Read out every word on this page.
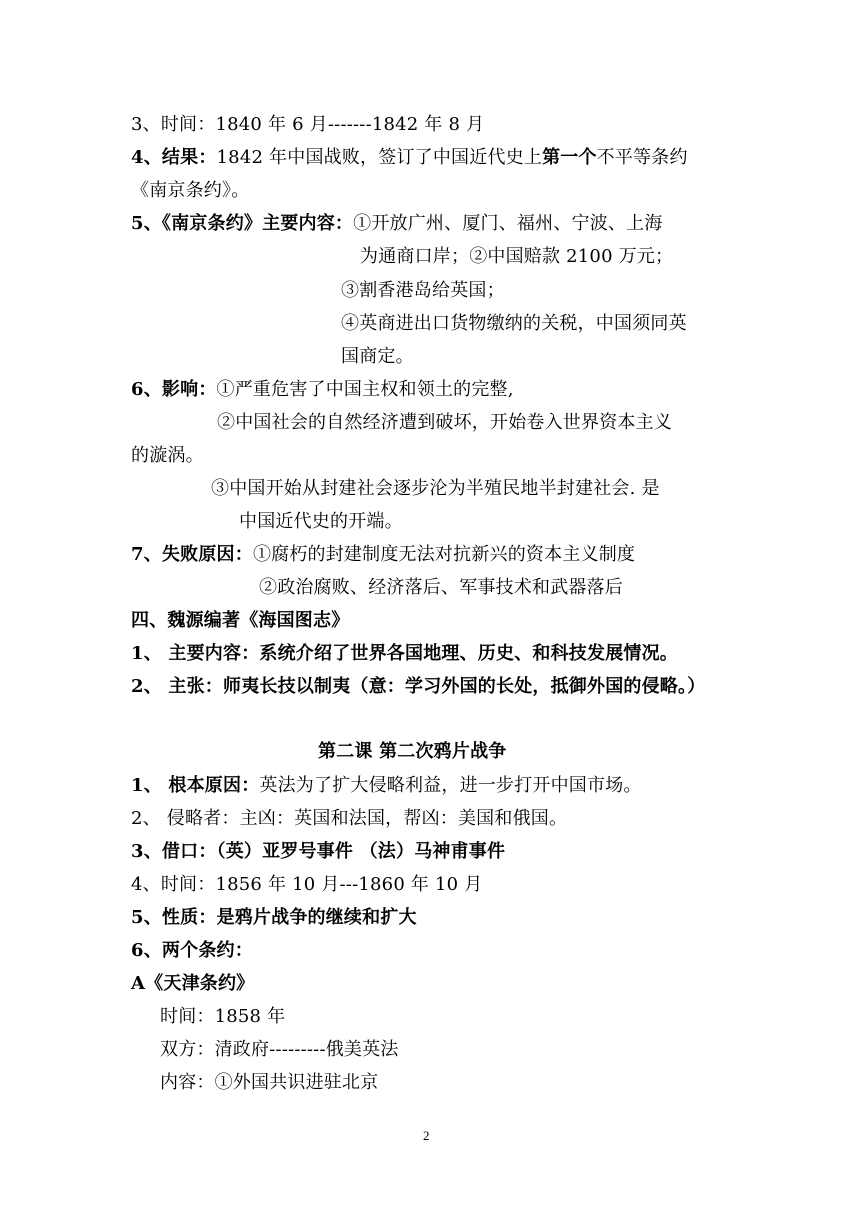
3、时间：1840 年 6 月-------1842 年 8 月
4、结果：1842 年中国战败，签订了中国近代史上第一个不平等条约
《南京条约》。
5、《南京条约》主要内容：①开放广州、厦门、福州、宁波、上海
为通商口岸；②中国赔款 2100 万元；
③割香港岛给英国；
④英商进出口货物缴纳的关税，中国须同英
国商定。
6、影响：①严重危害了中国主权和领土的完整,
②中国社会的自然经济遭到破坏，开始卷入世界资本主义
的漩涡。
③中国开始从封建社会逐步沦为半殖民地半封建社会. 是
中国近代史的开端。
7、失败原因：①腐朽的封建制度无法对抗新兴的资本主义制度
②政治腐败、经济落后、军事技术和武器落后
四、魏源编著《海国图志》
1、 主要内容：系统介绍了世界各国地理、历史、和科技发展情况。
2、 主张：师夷长技以制夷（意：学习外国的长处，抵御外国的侵略。）
第二课 第二次鸦片战争
1、 根本原因：英法为了扩大侵略利益，进一步打开中国市场。
2、 侵略者：主凶：英国和法国，帮凶：美国和俄国。
3、借口：（英）亚罗号事件 （法）马神甫事件
4、时间：1856 年 10 月---1860 年 10 月
5、性质：是鸦片战争的继续和扩大
6、两个条约：
A《天津条约》
时间：1858 年
双方：清政府---------俄美英法
内容：①外国共识进驻北京
2
